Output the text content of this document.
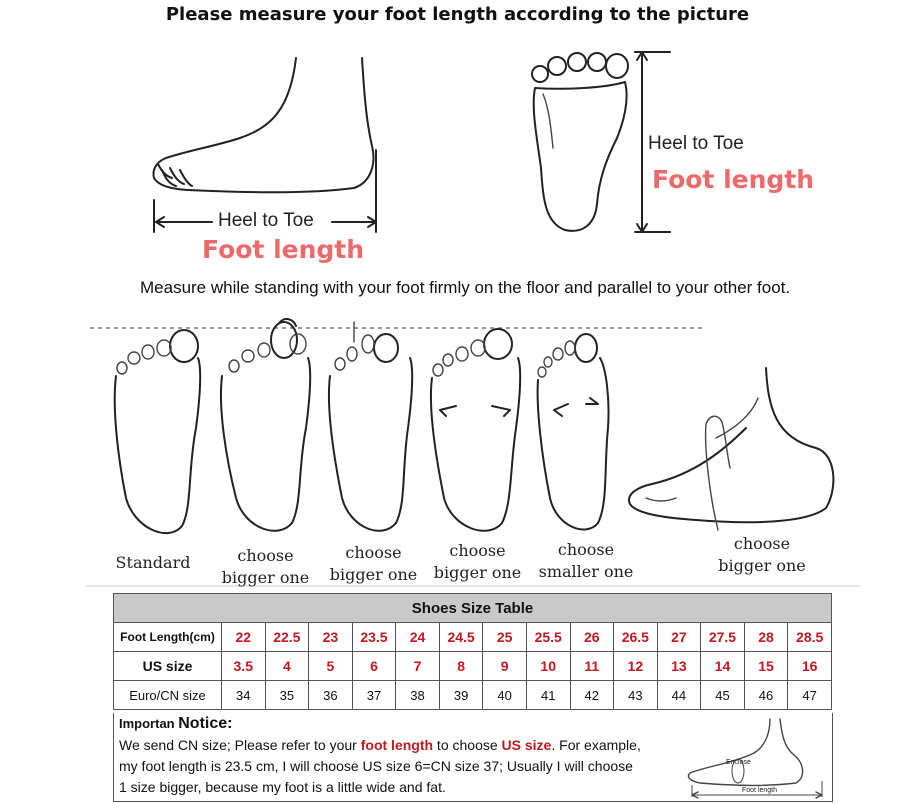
Please measure your foot length according to the picture
Heel to Toe
Foot length
Heel to Toe
Foot length
Measure while standing with your foot firmly on the floor and parallel to your other foot.
Standard	choose
bigger one
choose
bigger one
choose
bigger one
choose
smaller one
choose
bigger one
Shoes Size Table														
Foot Length(cm)	22	22.5	23	23.5	24	24.5	25	25.5	26	26.5	27	27.5	28	28.5
US size	3.5	4	5	6	7	8	9	10	11	12	13	14	15	16
Euro/CN size	34	35	36	37	38	39	40	41	42	43	44	45	46	47
Importan Notice:
We send CN size; Please refer to your foot length to choose US size. For example,
my foot length is 23.5 cm, I will choose US size 6=CN size 37; Usually I will choose
1 size bigger, because my foot is a little wide and fat.
Enclose
Foot length
